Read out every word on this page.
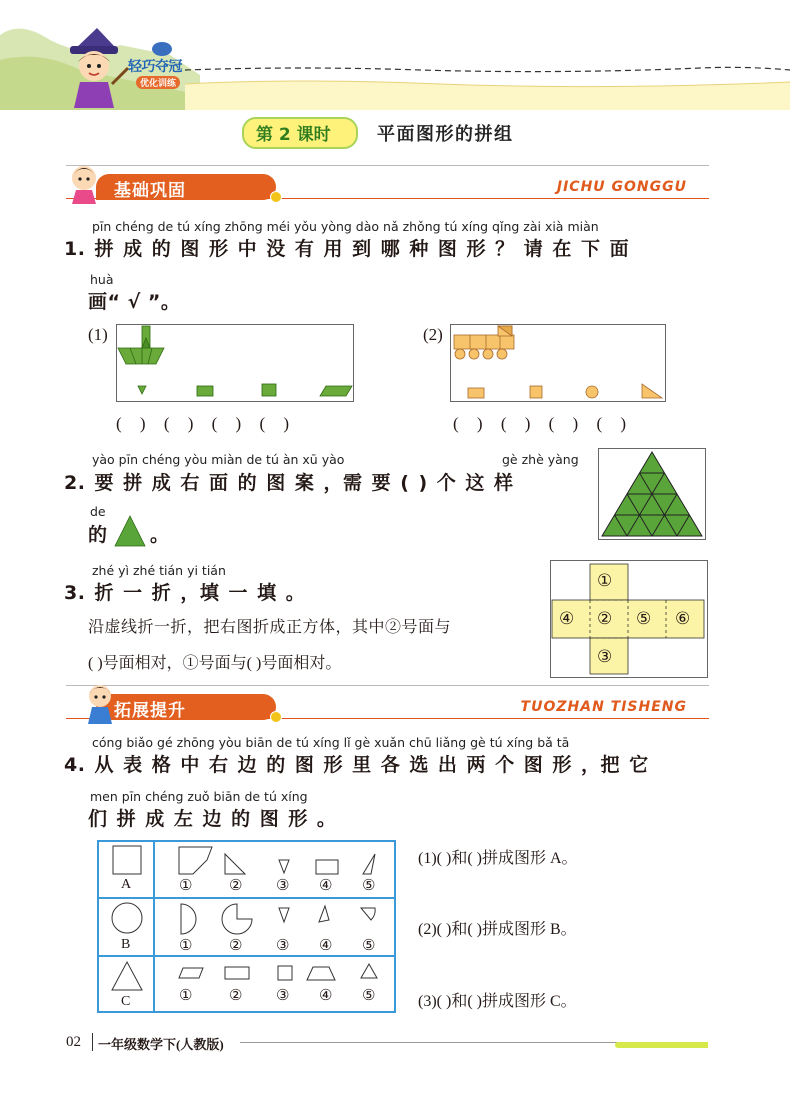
轻巧夺冠
优化训练
第 2 课时	平面图形的拼组
基础巩固	JICHU GONGGU
pīn chéng de tú xíng zhōng méi yǒu yòng dào nǎ zhǒng tú xíng qǐng zài xià miàn
1. 拼 成 的 图 形 中 没 有 用 到 哪 种 图 形 ？ 请 在 下 面
huà
画“ √ ”。
(1)
( ) ( ) ( ) ( )
(2)
( ) ( ) ( ) ( )
yào pīn chéng yòu miàn de tú àn xū yào	gè zhè yàng
2. 要 拼 成 右 面 的 图 案 ，需 要 ( ) 个 这 样
de
的 。
zhé yì zhé tián yi tián
3. 折 一 折 ，填 一 填 。
沿虚线折一折，把右图折成正方体，其中②号面与
( )号面相对，①号面与( )号面相对。
①
④ ② ⑤ ⑥
③
拓展提升	TUOZHAN TISHENG
cóng biǎo gé zhōng yòu biān de tú xíng lǐ gè xuǎn chū liǎng gè tú xíng bǎ tā
4. 从 表 格 中 右 边 的 图 形 里 各 选 出 两 个 图 形 ，把 它
men pīn chéng zuǒ biān de tú xíng
们 拼 成 左 边 的 图 形 。
A	① ② ③ ④ ⑤
B	① ② ③ ④ ⑤
C	① ② ③ ④ ⑤
(1)( )和( )拼成图形 A。
(2)( )和( )拼成图形 B。
(3)( )和( )拼成图形 C。
02 一年级数学下 (人教版)
